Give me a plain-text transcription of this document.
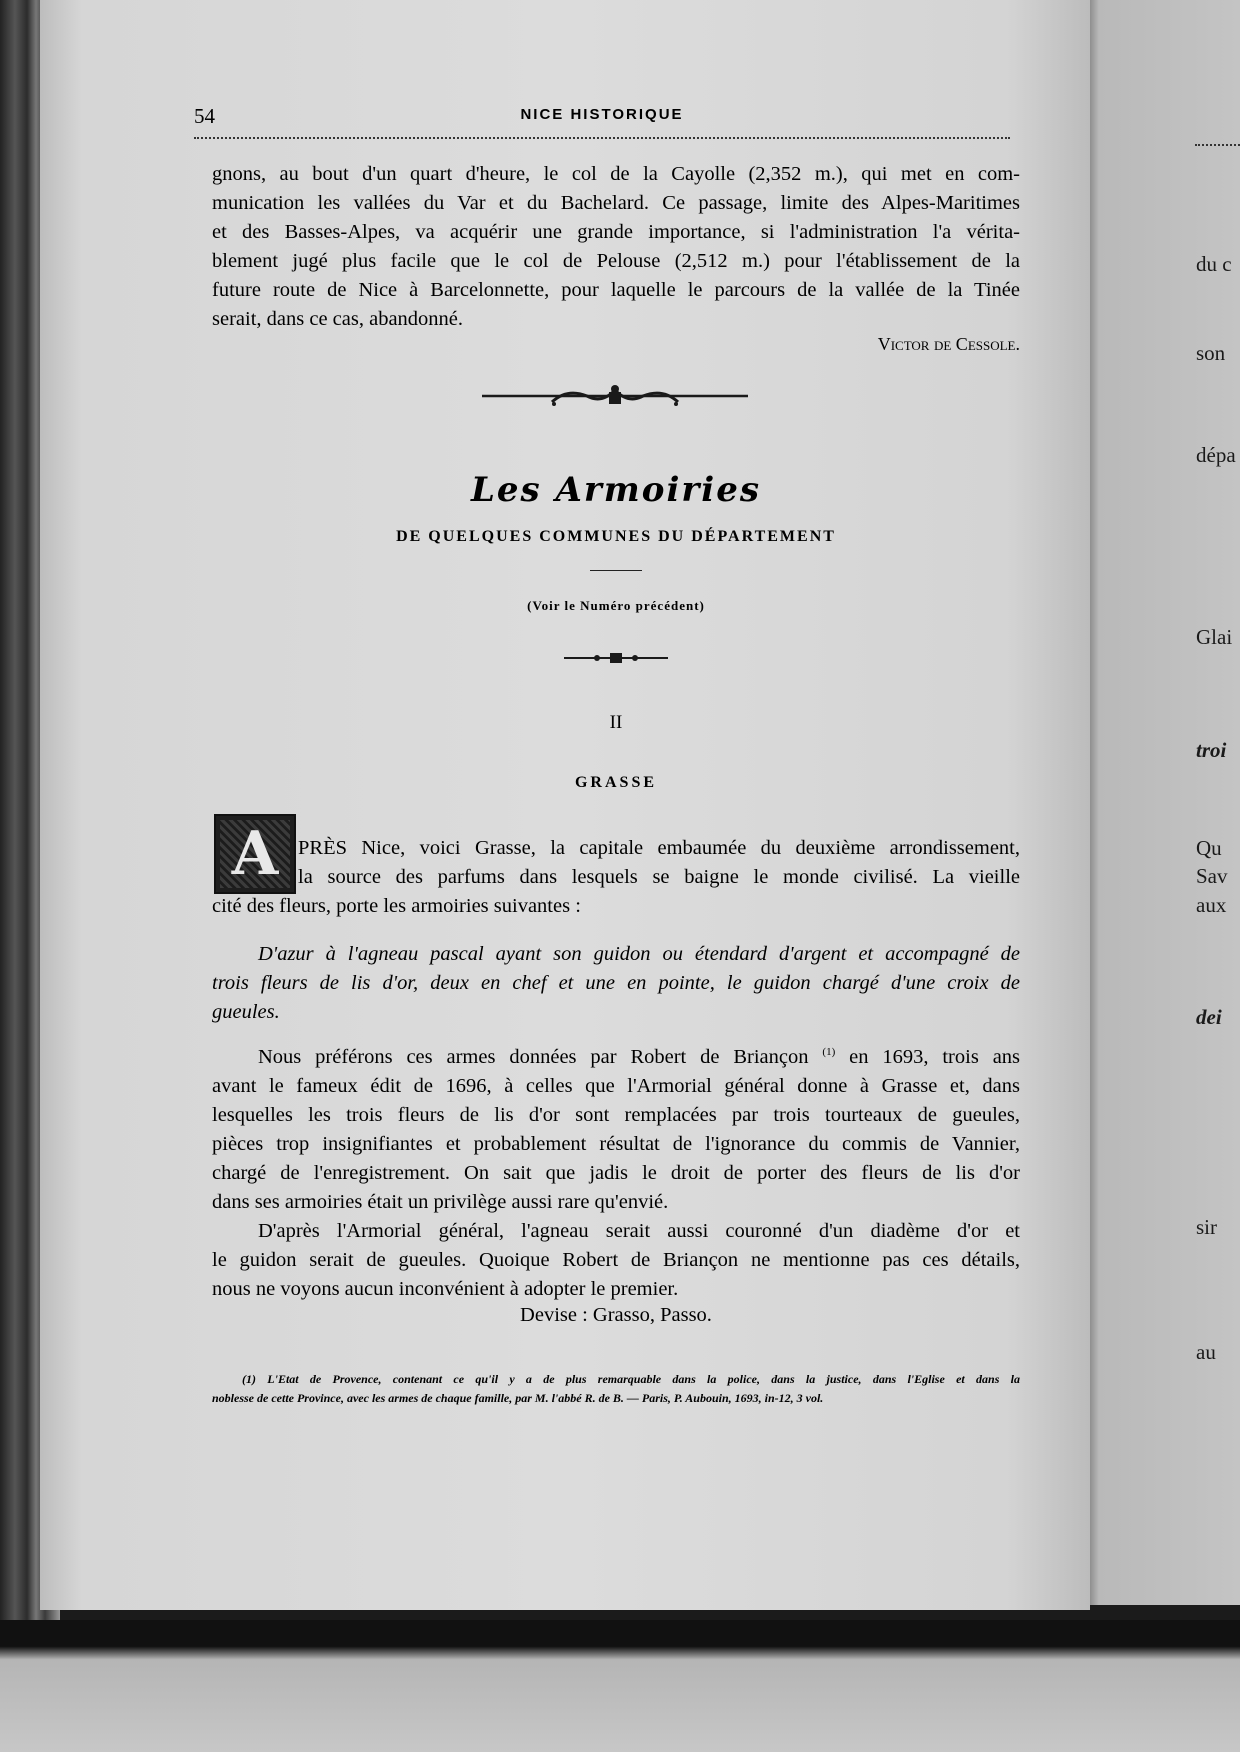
du c
son
dépa
Glai
troi
Qu
Sav
aux
dei
sir
au
54	NICE HISTORIQUE
gnons, au bout d'un quart d'heure, le col de la Cayolle (2,352 m.), qui met en com-
munication les vallées du Var et du Bachelard. Ce passage, limite des Alpes-Maritimes
et des Basses-Alpes, va acquérir une grande importance, si l'administration l'a vérita-
blement jugé plus facile que le col de Pelouse (2,512 m.) pour l'établissement de la
future route de Nice à Barcelonnette, pour laquelle le parcours de la vallée de la Tinée
serait, dans ce cas, abandonné.
Victor de Cessole.
Les Armoiries
DE QUELQUES COMMUNES DU DÉPARTEMENT
(Voir le Numéro précédent)
II
GRASSE
A PRÈS Nice, voici Grasse, la capitale embaumée du deuxième arrondissement,
la source des parfums dans lesquels se baigne le monde civilisé. La vieille
cité des fleurs, porte les armoiries suivantes :
D'azur à l'agneau pascal ayant son guidon ou étendard d'argent et accompagné de
trois fleurs de lis d'or, deux en chef et une en pointe, le guidon chargé d'une croix de
gueules.
Nous préférons ces armes données par Robert de Briançon $^{(1)}$ en 1693, trois ans
avant le fameux édit de 1696, à celles que l'Armorial général donne à Grasse et, dans
lesquelles les trois fleurs de lis d'or sont remplacées par trois tourteaux de gueules,
pièces trop insignifiantes et probablement résultat de l'ignorance du commis de Vannier,
chargé de l'enregistrement. On sait que jadis le droit de porter des fleurs de lis d'or
dans ses armoiries était un privilège aussi rare qu'envié.
D'après l'Armorial général, l'agneau serait aussi couronné d'un diadème d'or et
le guidon serait de gueules. Quoique Robert de Briançon ne mentionne pas ces détails,
nous ne voyons aucun inconvénient à adopter le premier.
Devise : Grasso, Passo.
(1) L'Etat de Provence, contenant ce qu'il y a de plus remarquable dans la police, dans la justice, dans l'Eglise et dans la
noblesse de cette Province, avec les armes de chaque famille, par M. l'abbé R. de B. — Paris, P. Aubouin, 1693, in-12, 3 vol.
